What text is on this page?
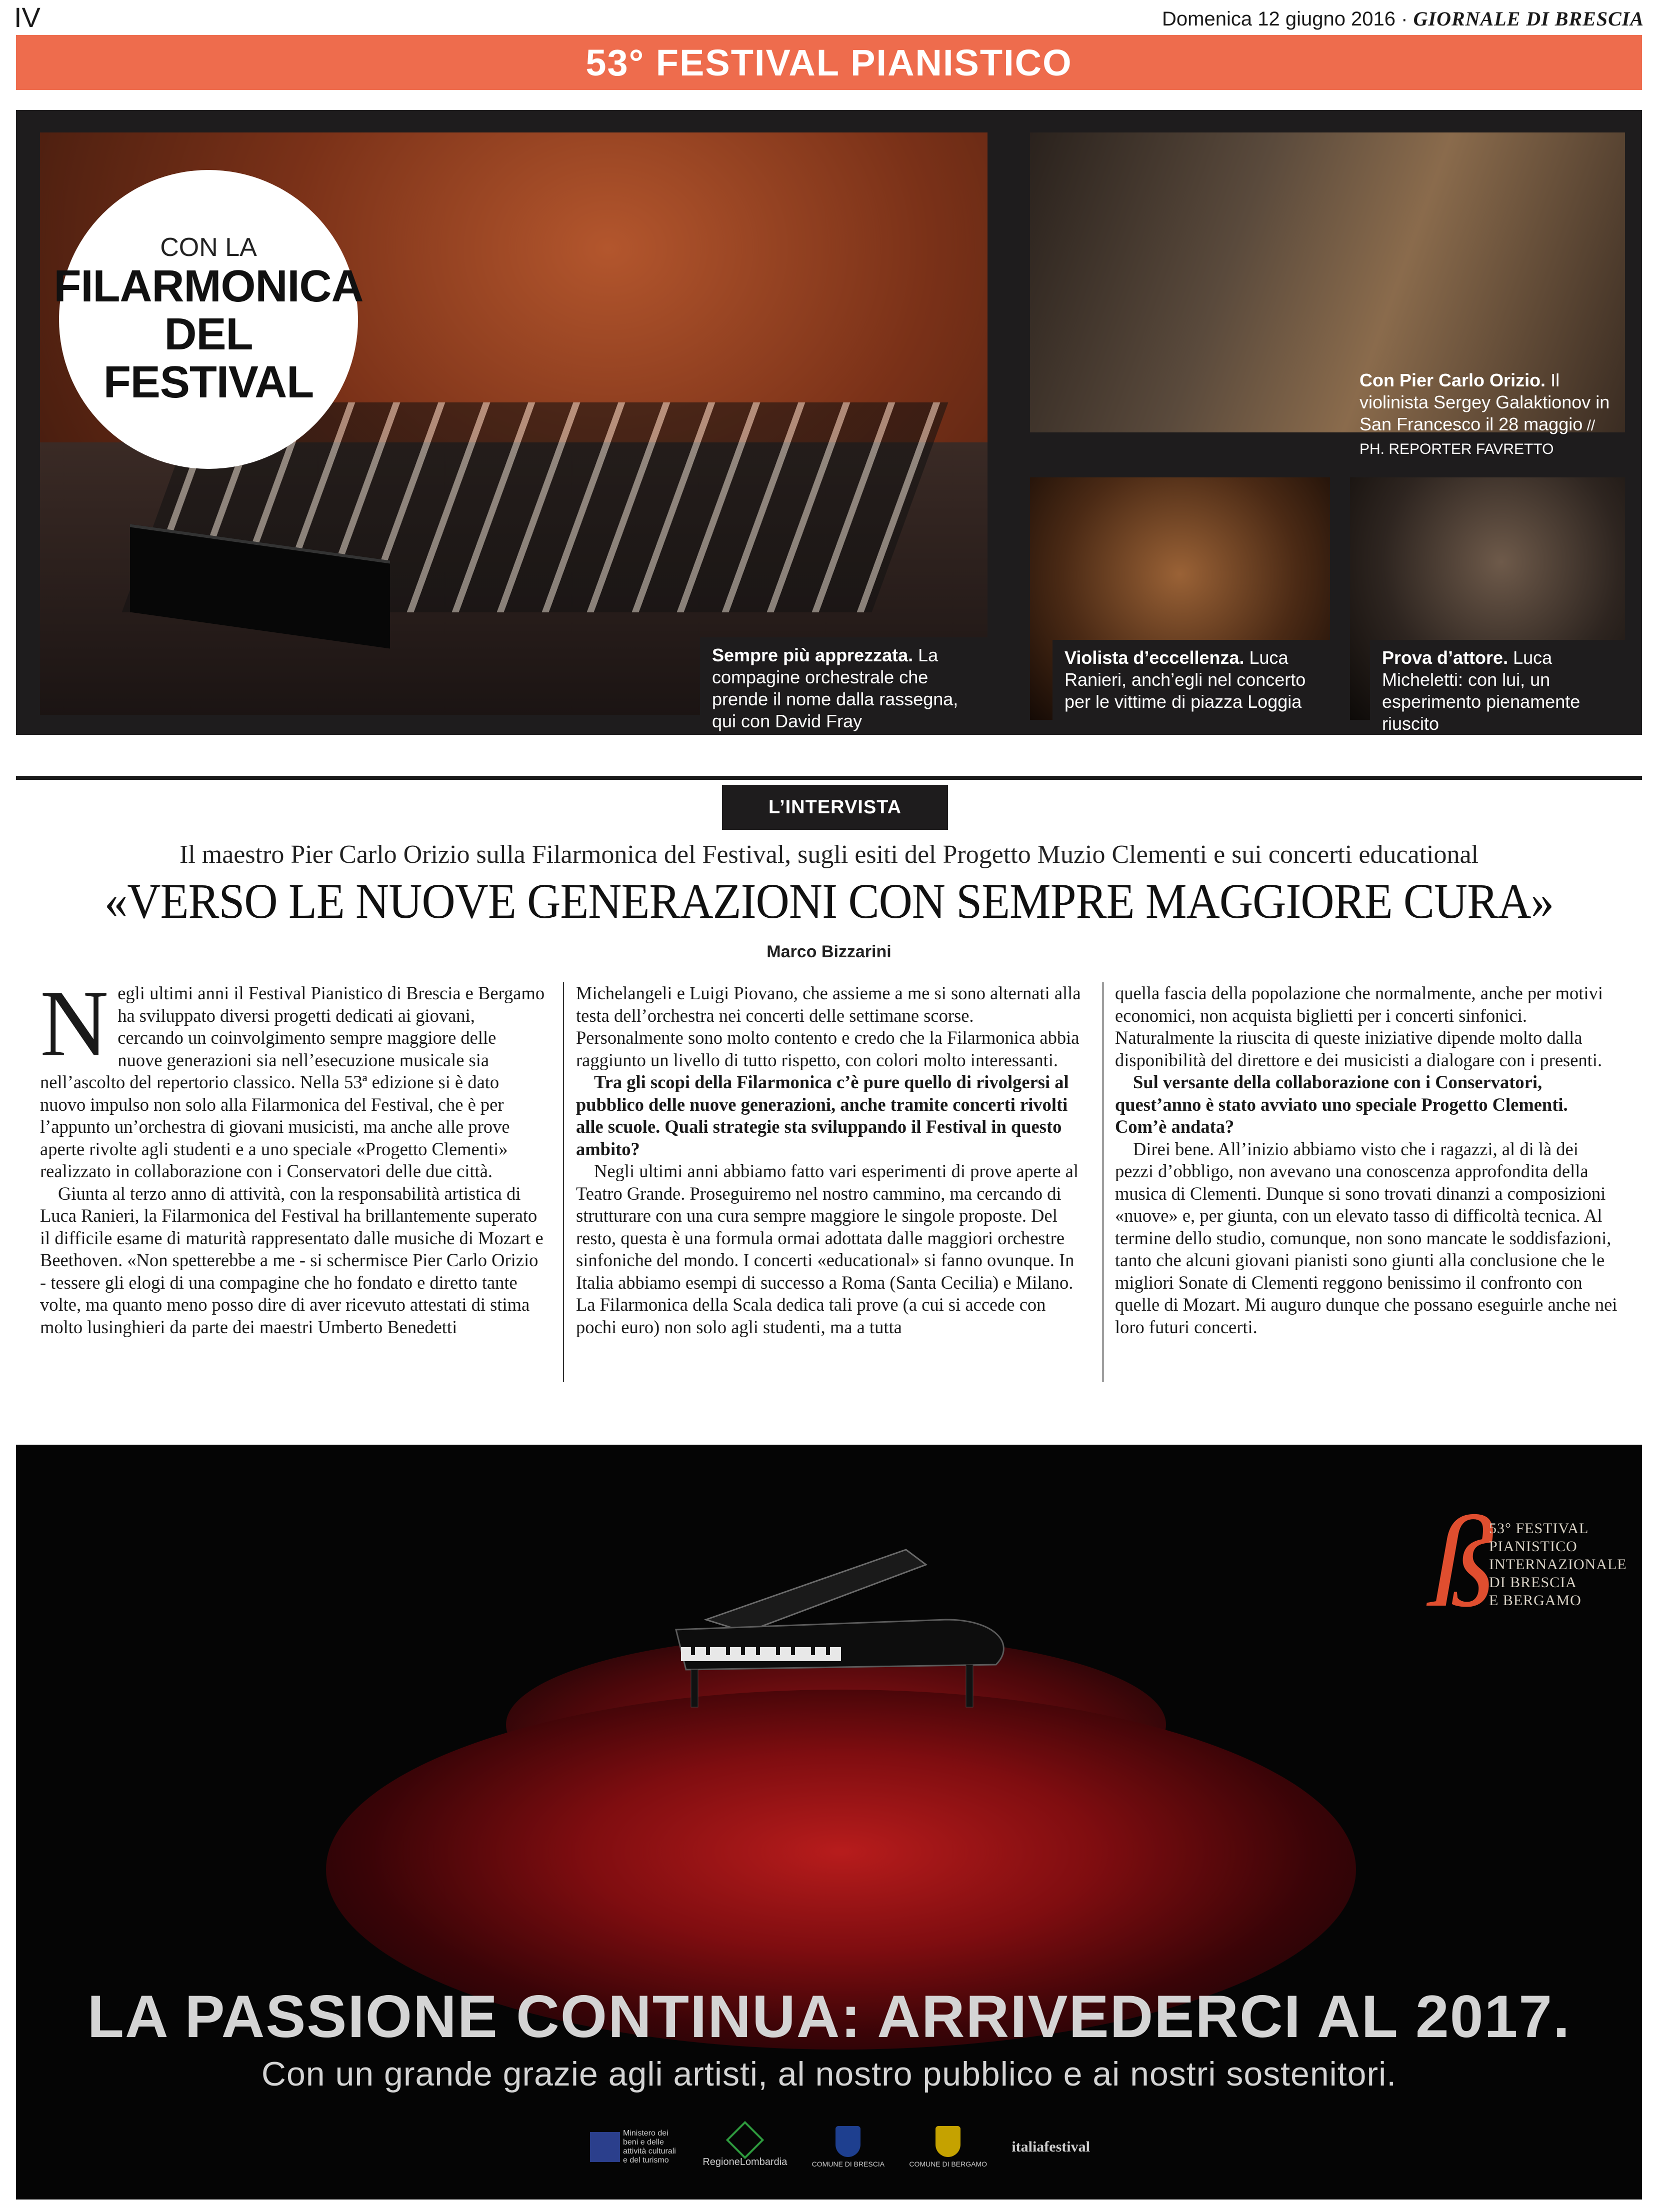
IV	Domenica 12 giugno 2016 · GIORNALE DI BRESCIA
53° FESTIVAL PIANISTICO
CON LA
FILARMONICA
DEL FESTIVAL
Sempre più apprezzata. La compagine orchestrale che prende il nome dalla rassegna, qui con David Fray
Con Pier Carlo Orizio. Il violinista Sergey Galaktionov in San Francesco il 28 maggio // PH. REPORTER FAVRETTO
Violista d’eccellenza. Luca Ranieri, anch’egli nel concerto per le vittime di piazza Loggia
Prova d’attore. Luca Micheletti: con lui, un esperimento pienamente riuscito
L’INTERVISTA
Il maestro Pier Carlo Orizio sulla Filarmonica del Festival, sugli esiti del Progetto Muzio Clementi e sui concerti educational
«VERSO LE NUOVE GENERAZIONI CON SEMPRE MAGGIORE CURA»
Marco Bizzarini

Negli ultimi anni il Festival Pianistico di Brescia e Bergamo ha sviluppato diversi progetti dedicati ai giovani, cercando un coinvolgimento sempre maggiore delle nuove generazioni sia nell’esecuzione musicale sia nell’ascolto del repertorio classico. Nella 53ª edizione si è dato nuovo impulso non solo alla Filarmonica del Festival, che è per l’appunto un’orchestra di giovani musicisti, ma anche alle prove aperte rivolte agli studenti e a uno speciale «Progetto Clementi» realizzato in collaborazione con i Conservatori delle due città.

Giunta al terzo anno di attività, con la responsabilità artistica di Luca Ranieri, la Filarmonica del Festival ha brillantemente superato il difficile esame di maturità rappresentato dalle musiche di Mozart e Beethoven. «Non spetterebbe a me - si schermisce Pier Carlo Orizio - tessere gli elogi di una compagine che ho fondato e diretto tante volte, ma quanto meno posso dire di aver ricevuto attestati di stima molto lusinghieri da parte dei maestri Umberto Benedetti

Michelangeli e Luigi Piovano, che assieme a me si sono alternati alla testa dell’orchestra nei concerti delle settimane scorse. Personalmente sono molto contento e credo che la Filarmonica abbia raggiunto un livello di tutto rispetto, con colori molto interessanti.

Tra gli scopi della Filarmonica c’è pure quello di rivolgersi al pubblico delle nuove generazioni, anche tramite concerti rivolti alle scuole. Quali strategie sta sviluppando il Festival in questo ambito?

Negli ultimi anni abbiamo fatto vari esperimenti di prove aperte al Teatro Grande. Proseguiremo nel nostro cammino, ma cercando di strutturare con una cura sempre maggiore le singole proposte. Del resto, questa è una formula ormai adottata dalle maggiori orchestre sinfoniche del mondo. I concerti «educational» si fanno ovunque. In Italia abbiamo esempi di successo a Roma (Santa Cecilia) e Milano. La Filarmonica della Scala dedica tali prove (a cui si accede con pochi euro) non solo agli studenti, ma a tutta

quella fascia della popolazione che normalmente, anche per motivi economici, non acquista biglietti per i concerti sinfonici. Naturalmente la riuscita di queste iniziative dipende molto dalla disponibilità del direttore e dei musicisti a dialogare con i presenti.

Sul versante della collaborazione con i Conservatori, quest’anno è stato avviato uno speciale Progetto Clementi. Com’è andata?

Direi bene. All’inizio abbiamo visto che i ragazzi, al di là dei pezzi d’obbligo, non avevano una conoscenza approfondita della musica di Clementi. Dunque si sono trovati dinanzi a composizioni «nuove» e, per giunta, con un elevato tasso di difficoltà tecnica. Al termine dello studio, comunque, non sono mancate le soddisfazioni, tanto che alcuni giovani pianisti sono giunti alla conclusione che le migliori Sonate di Clementi reggono benissimo il confronto con quelle di Mozart. Mi auguro dunque che possano eseguirle anche nei loro futuri concerti.

ß
53° FESTIVAL
PIANISTICO
INTERNAZIONALE
DI BRESCIA
E BERGAMO
LA PASSIONE CONTINUA: ARRIVEDERCI AL 2017.
Con un grande grazie agli artisti, al nostro pubblico e ai nostri sostenitori.
Ministero dei beni e delle attività culturali e del turismo	RegioneLombardia	COMUNE DI BRESCIA	COMUNE DI BERGAMO
italiafestival
